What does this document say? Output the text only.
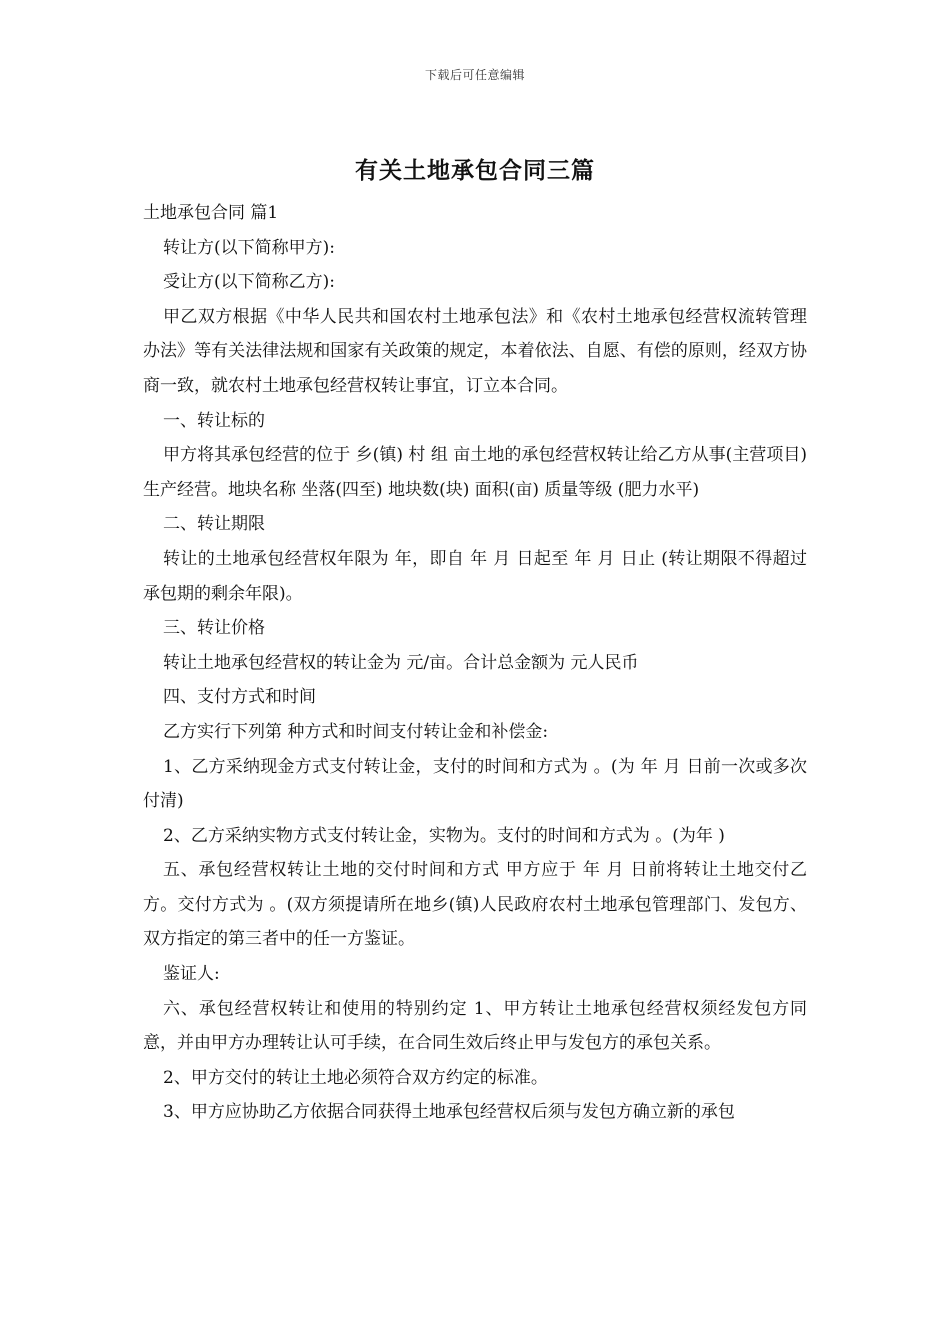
下载后可任意编辑
有关土地承包合同三篇

土地承包合同 篇1

转让方(以下简称甲方):

受让方(以下简称乙方):

甲乙双方根据《中华人民共和国农村土地承包法》和《农村土地承包经营权流转管理办法》等有关法律法规和国家有关政策的规定，本着依法、自愿、有偿的原则，经双方协商一致，就农村土地承包经营权转让事宜，订立本合同。

一、转让标的

甲方将其承包经营的位于 乡(镇) 村 组 亩土地的承包经营权转让给乙方从事(主营项目) 生产经营。地块名称 坐落(四至) 地块数(块) 面积(亩) 质量等级 (肥力水平)

二、转让期限

转让的土地承包经营权年限为 年，即自 年 月 日起至 年 月 日止 (转让期限不得超过承包期的剩余年限)。

三、转让价格

转让土地承包经营权的转让金为 元/亩。合计总金额为 元人民币

四、支付方式和时间

乙方实行下列第 种方式和时间支付转让金和补偿金:

1、乙方采纳现金方式支付转让金，支付的时间和方式为 。(为 年 月 日前一次或多次付清)

2、乙方采纳实物方式支付转让金，实物为。支付的时间和方式为 。(为年 )

五、承包经营权转让土地的交付时间和方式 甲方应于 年 月 日前将转让土地交付乙方。交付方式为 。(双方须提请所在地乡(镇)人民政府农村土地承包管理部门、发包方、双方指定的第三者中的任一方鉴证。

鉴证人:

六、承包经营权转让和使用的特别约定 1、甲方转让土地承包经营权须经发包方同意，并由甲方办理转让认可手续，在合同生效后终止甲与发包方的承包关系。

2、甲方交付的转让土地必须符合双方约定的标准。

3、甲方应协助乙方依据合同获得土地承包经营权后须与发包方确立新的承包
